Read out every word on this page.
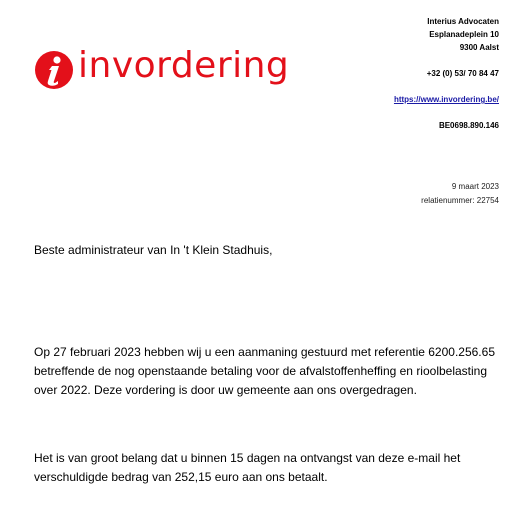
invordering
Interius Advocaten
Esplanadeplein 10
9300 Aalst
+32 (0) 53/ 70 84 47
https://www.invordering.be/
BE0698.890.146
9 maart 2023
relatienummer: 22754
Beste administrateur van In 't Klein Stadhuis,
Op 27 februari 2023 hebben wij u een aanmaning gestuurd met referentie 6200.256.65 betreffende de nog openstaande betaling voor de afvalstoffenheffing en rioolbelasting over 2022. Deze vordering is door uw gemeente aan ons overgedragen.
Het is van groot belang dat u binnen 15 dagen na ontvangst van deze e-mail het verschuldigde bedrag van 252,15 euro aan ons betaalt.
